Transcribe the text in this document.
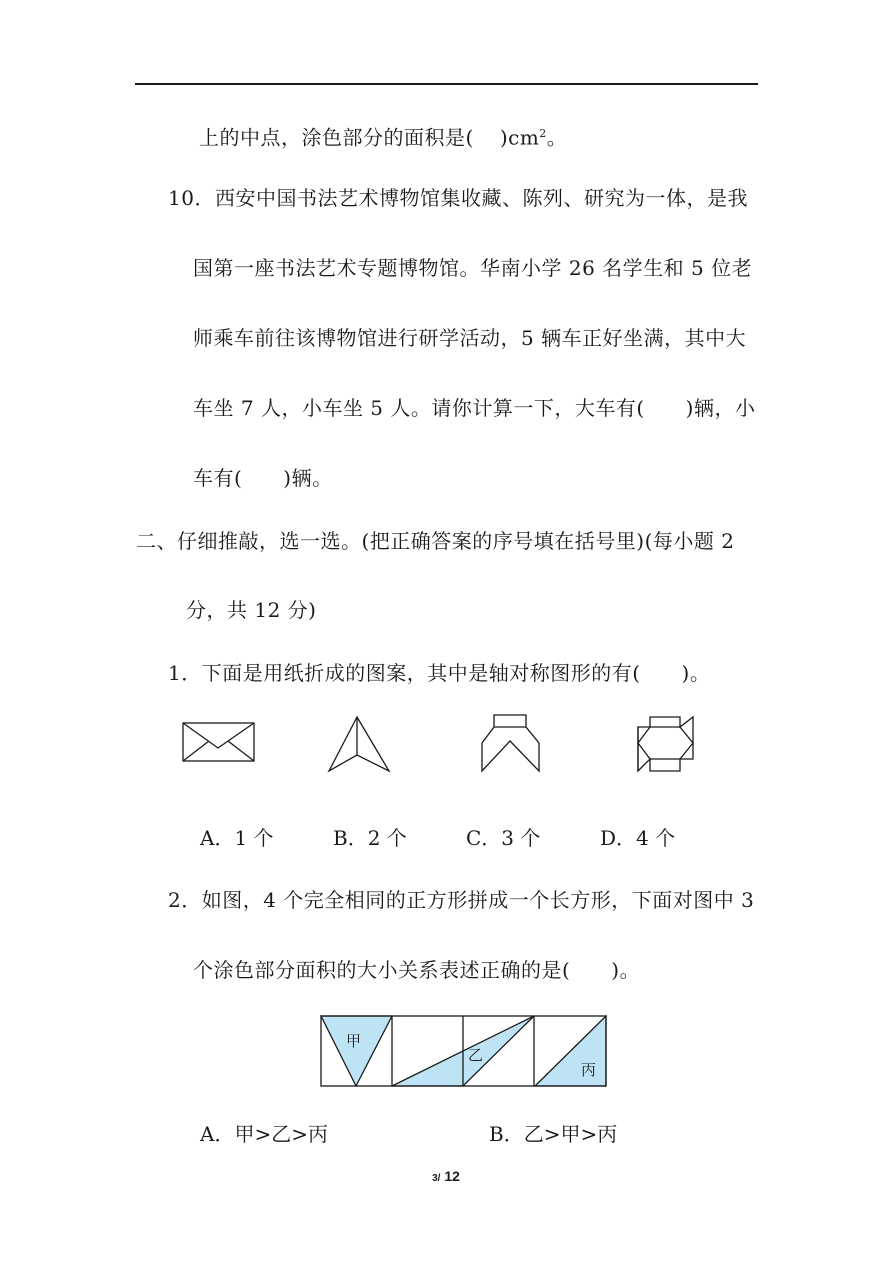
上的中点，涂色部分的面积是( )$cm^2$。
10．西安中国书法艺术博物馆集收藏、陈列、研究为一体，是我
国第一座书法艺术专题博物馆。华南小学 26 名学生和 5 位老
师乘车前往该博物馆进行研学活动，5 辆车正好坐满，其中大
车坐 7 人，小车坐 5 人。请你计算一下，大车有(　　)辆，小
车有(　　)辆。
二、仔细推敲，选一选。(把正确答案的序号填在括号里)(每小题 2
分，共 12 分)
1．下面是用纸折成的图案，其中是轴对称图形的有(　　)。
A．1 个	B．2 个	C．3 个	D．4 个
2．如图，4 个完全相同的正方形拼成一个长方形，下面对图中 3
个涂色部分面积的大小关系表述正确的是(　　)。
甲
乙
丙
A．甲>乙>丙	B．乙>甲>丙
3/ 12
